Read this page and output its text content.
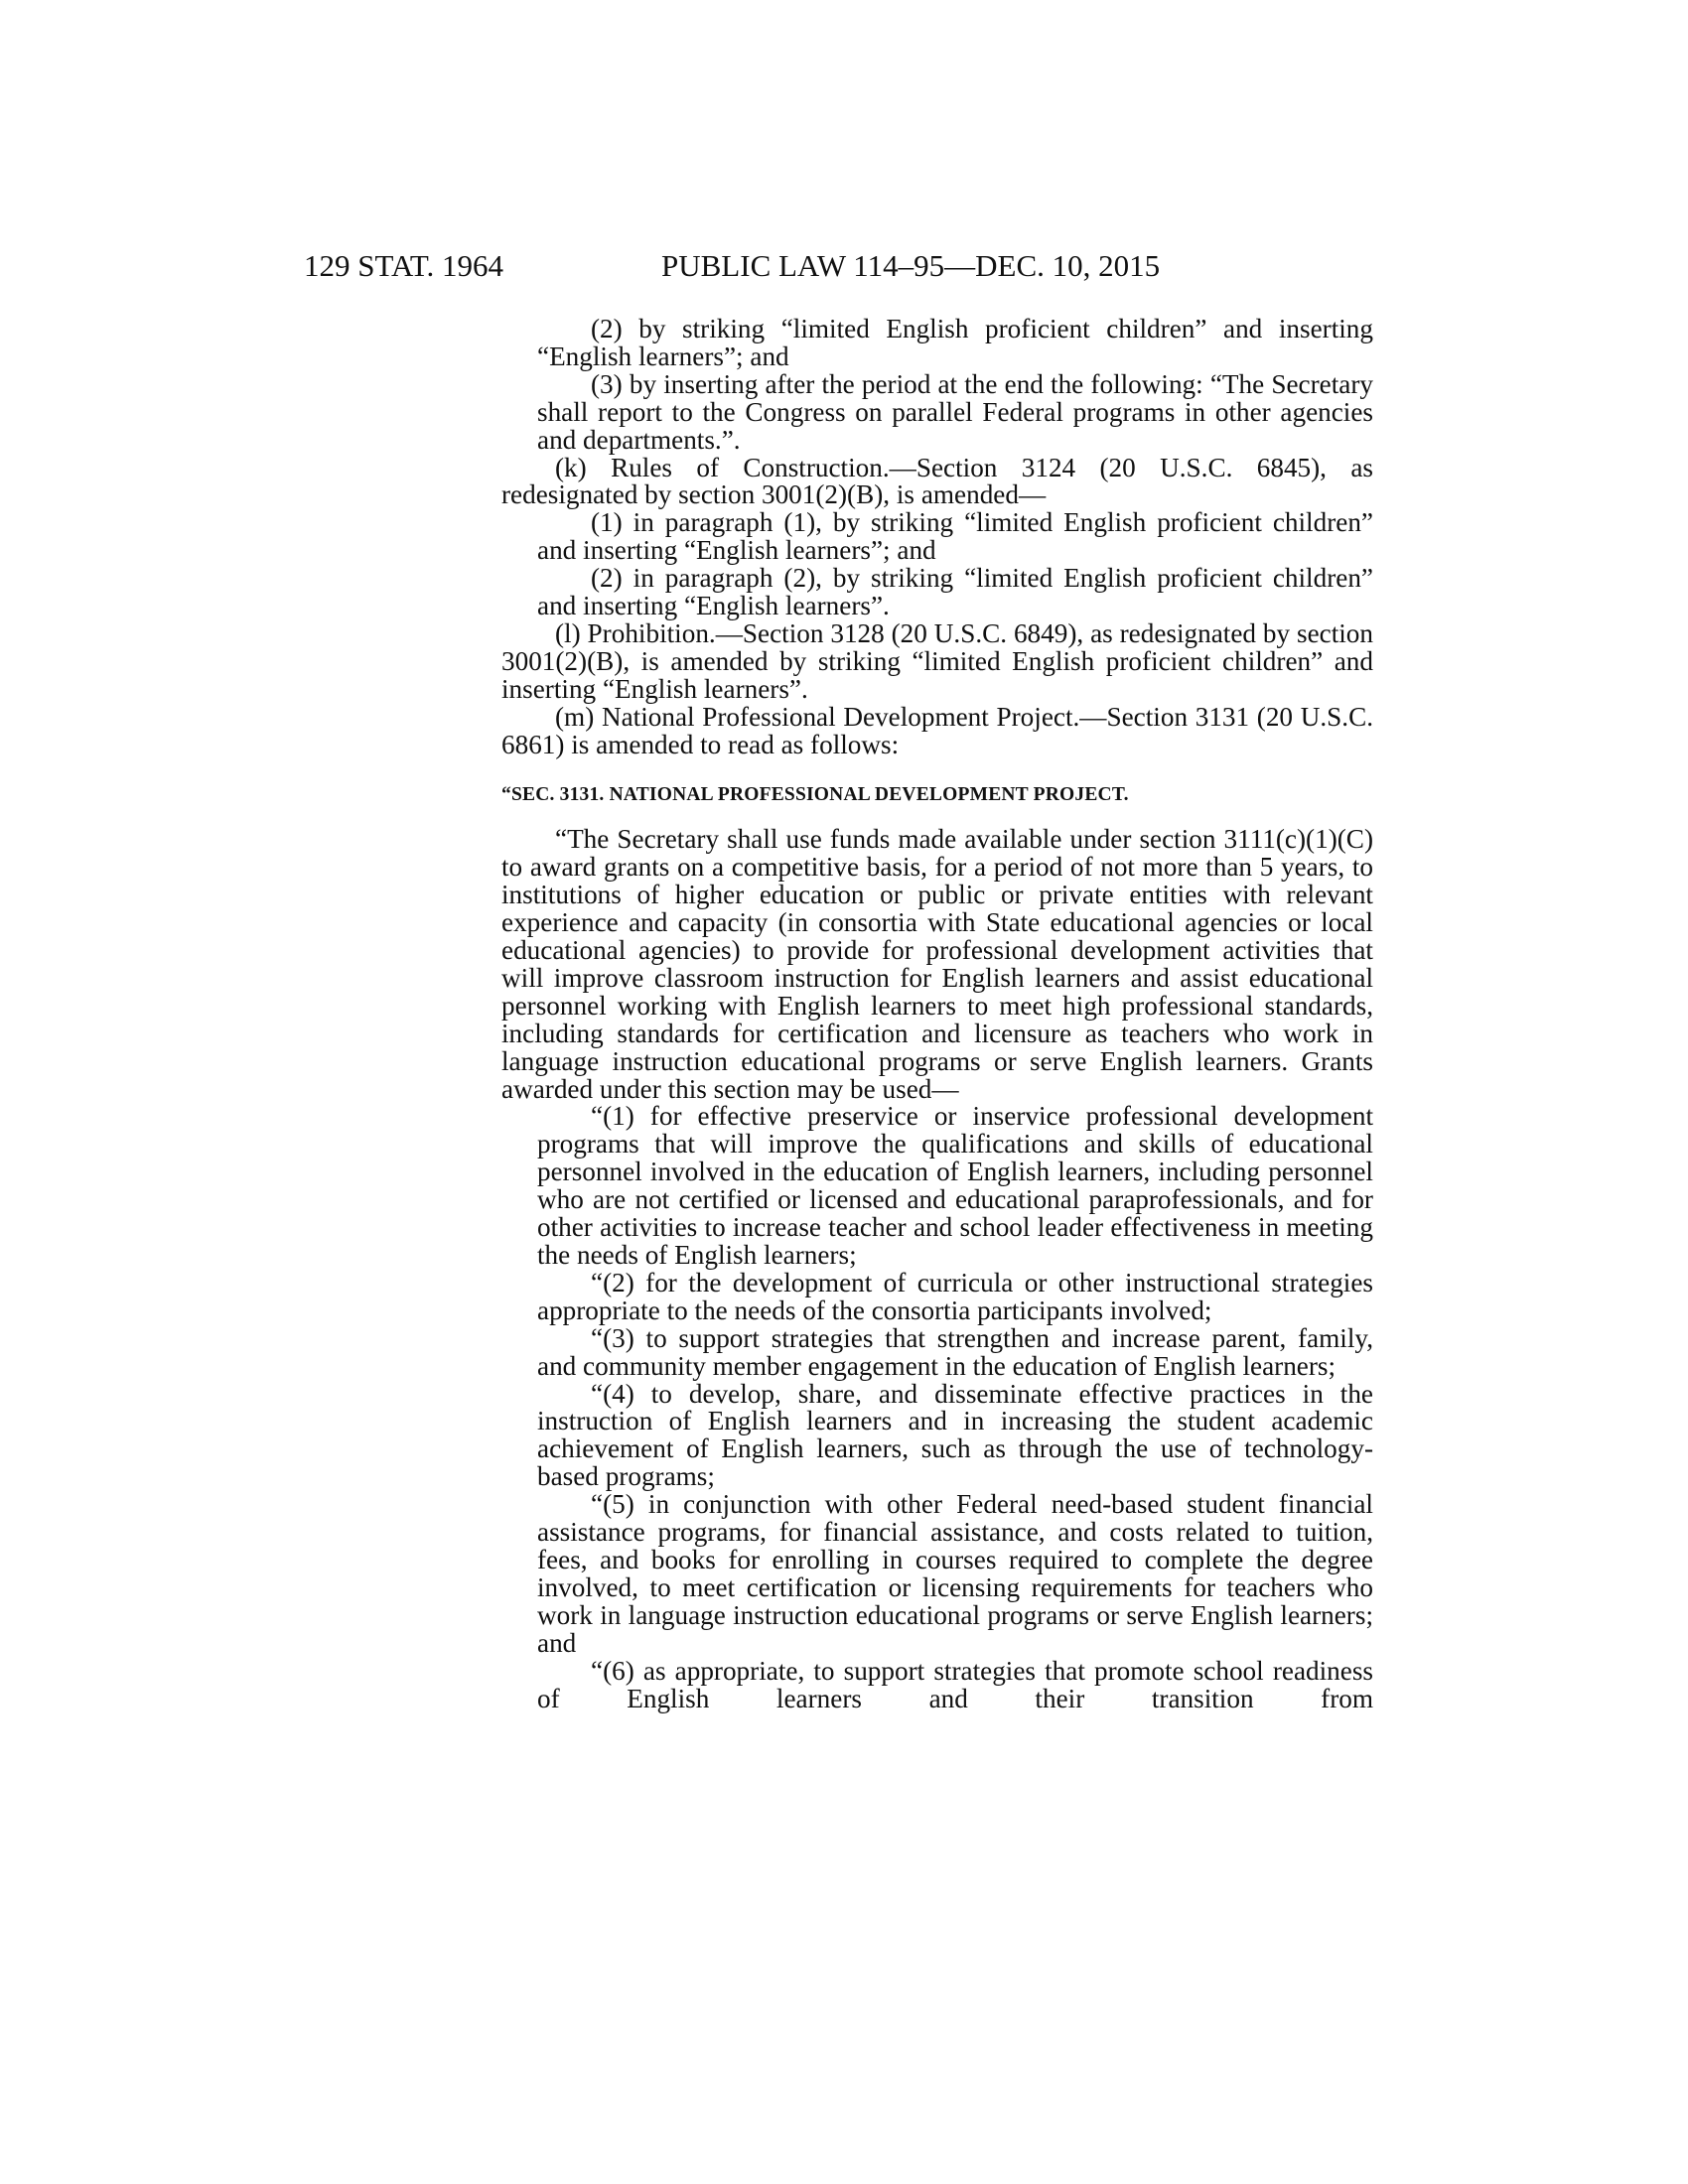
129 STAT. 1964	PUBLIC LAW 114–95—DEC. 10, 2015

(2) by striking “limited English proficient children” and inserting “English learners”; and

(3) by inserting after the period at the end the following: “The Secretary shall report to the Congress on parallel Federal programs in other agencies and departments.”.

(k) Rules of Construction.—Section 3124 (20 U.S.C. 6845), as redesignated by section 3001(2)(B), is amended—

(1) in paragraph (1), by striking “limited English proficient children” and inserting “English learners”; and

(2) in paragraph (2), by striking “limited English proficient children” and inserting “English learners”.

(l) Prohibition.—Section 3128 (20 U.S.C. 6849), as redesignated by section 3001(2)(B), is amended by striking “limited English proficient children” and inserting “English learners”.

(m) National Professional Development Project.—Section 3131 (20 U.S.C. 6861) is amended to read as follows:

“SEC. 3131. NATIONAL PROFESSIONAL DEVELOPMENT PROJECT.

“The Secretary shall use funds made available under section 3111(c)(1)(C) to award grants on a competitive basis, for a period of not more than 5 years, to institutions of higher education or public or private entities with relevant experience and capacity (in consortia with State educational agencies or local educational agencies) to provide for professional development activities that will improve classroom instruction for English learners and assist educational personnel working with English learners to meet high professional standards, including standards for certification and licensure as teachers who work in language instruction educational programs or serve English learners. Grants awarded under this section may be used—

“(1) for effective preservice or inservice professional development programs that will improve the qualifications and skills of educational personnel involved in the education of English learners, including personnel who are not certified or licensed and educational paraprofessionals, and for other activities to increase teacher and school leader effectiveness in meeting the needs of English learners;

“(2) for the development of curricula or other instructional strategies appropriate to the needs of the consortia participants involved;

“(3) to support strategies that strengthen and increase parent, family, and community member engagement in the education of English learners;

“(4) to develop, share, and disseminate effective practices in the instruction of English learners and in increasing the student academic achievement of English learners, such as through the use of technology-based programs;

“(5) in conjunction with other Federal need-based student financial assistance programs, for financial assistance, and costs related to tuition, fees, and books for enrolling in courses required to complete the degree involved, to meet certification or licensing requirements for teachers who work in language instruction educational programs or serve English learners; and

“(6) as appropriate, to support strategies that promote school readiness of English learners and their transition from
